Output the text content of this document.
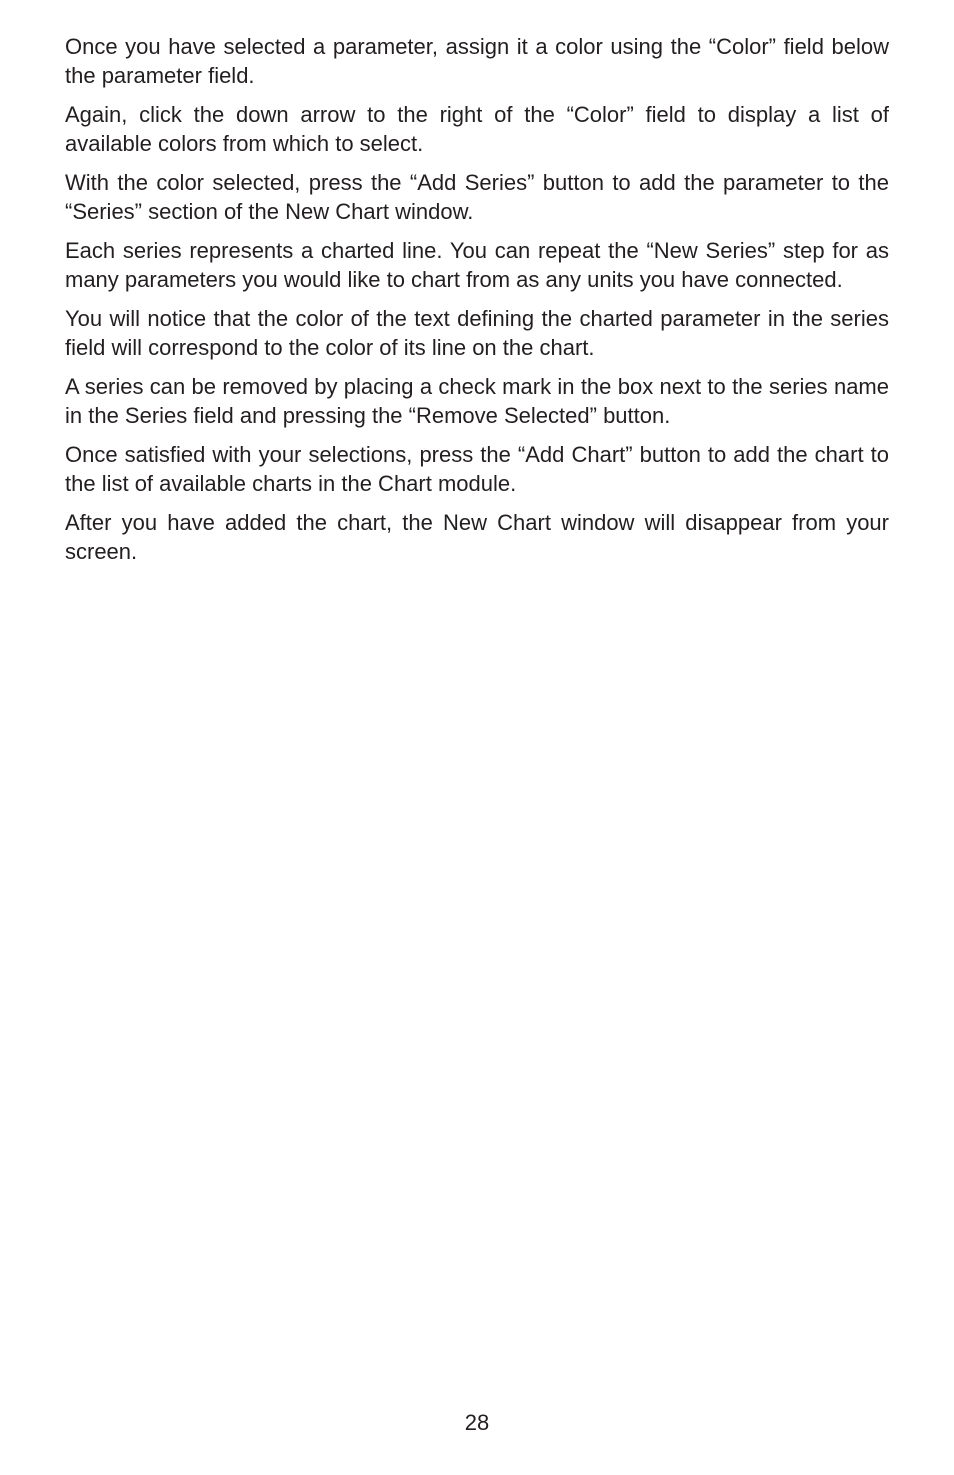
Once you have selected a parameter, assign it a color using the “Color” field below the parameter field.

Again, click the down arrow to the right of the “Color” field to display a list of available colors from which to select.

With the color selected, press the “Add Series” button to add the parameter to the “Series” section of the New Chart window.

Each series represents a charted line. You can repeat the “New Series” step for as many parameters you would like to chart from as any units you have connected.

You will notice that the color of the text defining the charted parameter in the series field will correspond to the color of its line on the chart.

A series can be removed by placing a check mark in the box next to the series name in the Series field and pressing the “Remove Selected” button.

Once satisfied with your selections, press the “Add Chart” button to add the chart to the list of available charts in the Chart module.

After you have added the chart, the New Chart window will disappear from your screen.

28
